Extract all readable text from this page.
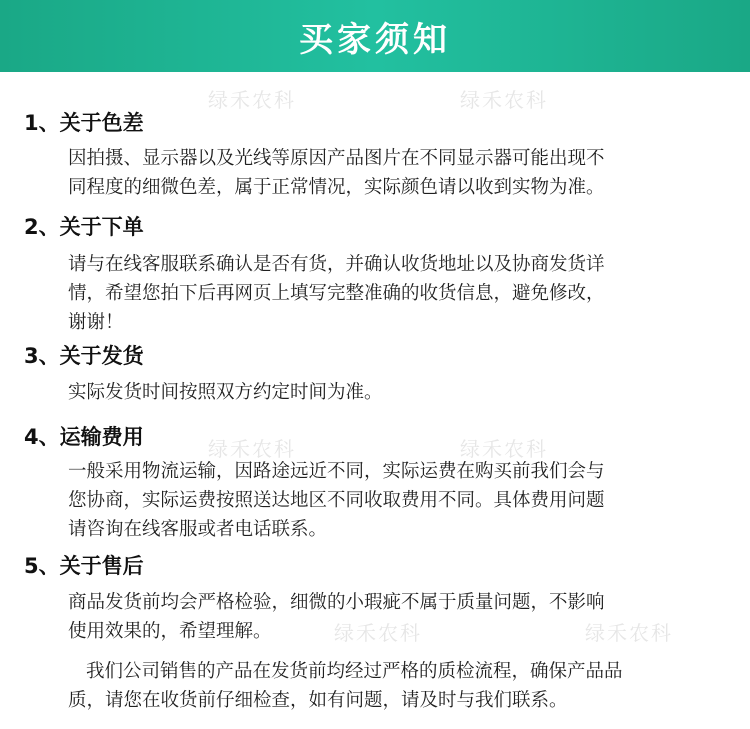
买家须知
绿禾农科	绿禾农科
绿禾农科	绿禾农科
绿禾农科	绿禾农科
1、关于色差
因拍摄、显示器以及光线等原因产品图片在不同显示器可能出现不
同程度的细微色差，属于正常情况，实际颜色请以收到实物为准。
2、关于下单
请与在线客服联系确认是否有货，并确认收货地址以及协商发货详
情，希望您拍下后再网页上填写完整准确的收货信息，避免修改，
谢谢！
3、关于发货
实际发货时间按照双方约定时间为准。
4、运输费用
一般采用物流运输，因路途远近不同，实际运费在购买前我们会与
您协商，实际运费按照送达地区不同收取费用不同。具体费用问题
请咨询在线客服或者电话联系。
5、关于售后
商品发货前均会严格检验，细微的小瑕疵不属于质量问题，不影响
使用效果的，希望理解。
我们公司销售的产品在发货前均经过严格的质检流程，确保产品品
质，请您在收货前仔细检查，如有问题，请及时与我们联系。
